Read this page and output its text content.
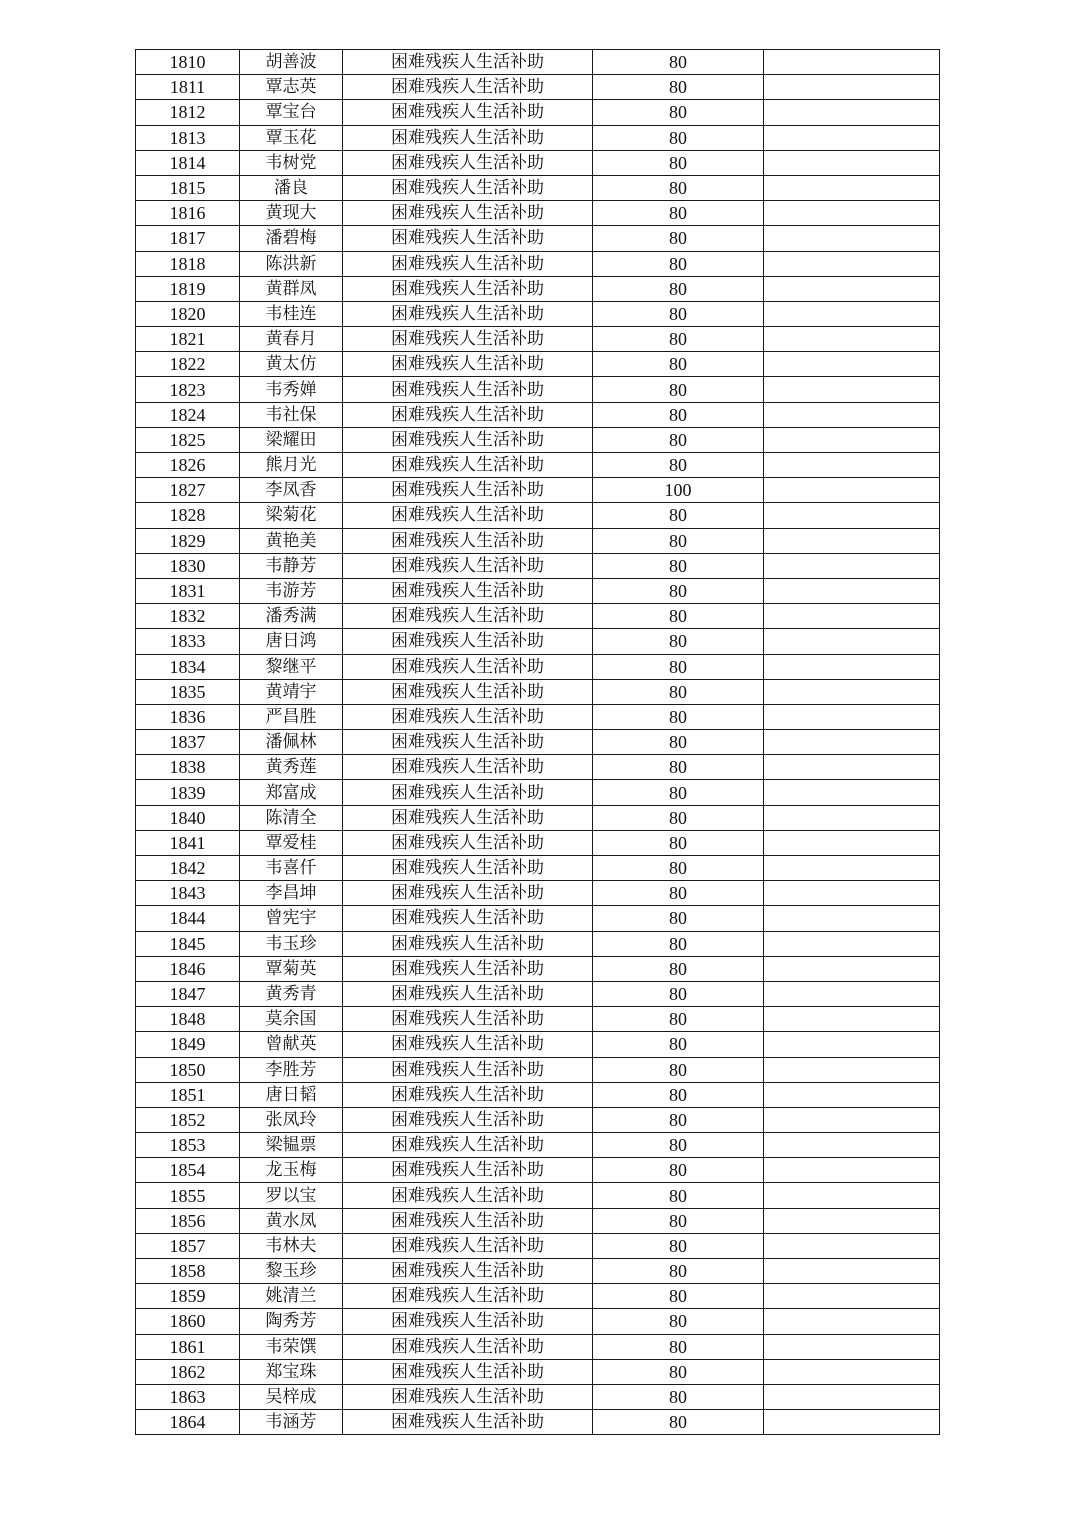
1810	胡善波	困难残疾人生活补助	80	
1811	覃志英	困难残疾人生活补助	80	
1812	覃宝台	困难残疾人生活补助	80	
1813	覃玉花	困难残疾人生活补助	80	
1814	韦树党	困难残疾人生活补助	80	
1815	潘良	困难残疾人生活补助	80	
1816	黄现大	困难残疾人生活补助	80	
1817	潘碧梅	困难残疾人生活补助	80	
1818	陈洪新	困难残疾人生活补助	80	
1819	黄群凤	困难残疾人生活补助	80	
1820	韦桂连	困难残疾人生活补助	80	
1821	黄春月	困难残疾人生活补助	80	
1822	黄太仿	困难残疾人生活补助	80	
1823	韦秀婵	困难残疾人生活补助	80	
1824	韦社保	困难残疾人生活补助	80	
1825	梁耀田	困难残疾人生活补助	80	
1826	熊月光	困难残疾人生活补助	80	
1827	李凤香	困难残疾人生活补助	100	
1828	梁菊花	困难残疾人生活补助	80	
1829	黄艳美	困难残疾人生活补助	80	
1830	韦静芳	困难残疾人生活补助	80	
1831	韦游芳	困难残疾人生活补助	80	
1832	潘秀满	困难残疾人生活补助	80	
1833	唐日鸿	困难残疾人生活补助	80	
1834	黎继平	困难残疾人生活补助	80	
1835	黄靖宇	困难残疾人生活补助	80	
1836	严昌胜	困难残疾人生活补助	80	
1837	潘佩林	困难残疾人生活补助	80	
1838	黄秀莲	困难残疾人生活补助	80	
1839	郑富成	困难残疾人生活补助	80	
1840	陈清全	困难残疾人生活补助	80	
1841	覃爱桂	困难残疾人生活补助	80	
1842	韦喜仟	困难残疾人生活补助	80	
1843	李昌坤	困难残疾人生活补助	80	
1844	曾宪宇	困难残疾人生活补助	80	
1845	韦玉珍	困难残疾人生活补助	80	
1846	覃菊英	困难残疾人生活补助	80	
1847	黄秀青	困难残疾人生活补助	80	
1848	莫余国	困难残疾人生活补助	80	
1849	曾献英	困难残疾人生活补助	80	
1850	李胜芳	困难残疾人生活补助	80	
1851	唐日韬	困难残疾人生活补助	80	
1852	张凤玲	困难残疾人生活补助	80	
1853	梁韫票	困难残疾人生活补助	80	
1854	龙玉梅	困难残疾人生活补助	80	
1855	罗以宝	困难残疾人生活补助	80	
1856	黄水凤	困难残疾人生活补助	80	
1857	韦林夫	困难残疾人生活补助	80	
1858	黎玉珍	困难残疾人生活补助	80	
1859	姚清兰	困难残疾人生活补助	80	
1860	陶秀芳	困难残疾人生活补助	80	
1861	韦荣馔	困难残疾人生活补助	80	
1862	郑宝珠	困难残疾人生活补助	80	
1863	吴梓成	困难残疾人生活补助	80	
1864	韦涵芳	困难残疾人生活补助	80	
